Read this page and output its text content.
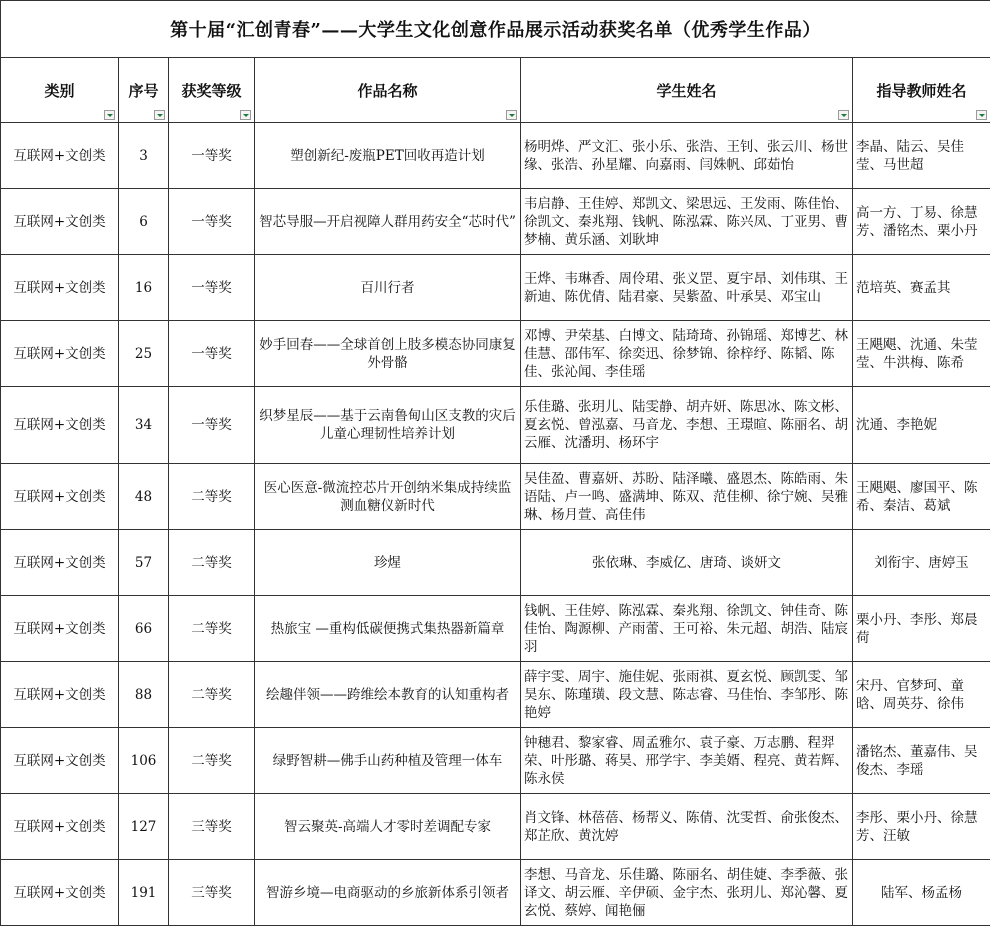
第十届“汇创青春”——大学生文化创意作品展示活动获奖名单（优秀学生作品）					
类别	序号	获奖等级	作品名称	学生姓名	指导教师姓名

互联网+文创类	3	一等奖	塑创新纪-废瓶PET回收再造计划	杨明烨、严文汇、张小乐、张浩、王钊、张云川、杨世缘、张浩、孙星耀、向嘉雨、闫姝帆、邱茹怡	李晶、陆云、吴佳莹、马世超
互联网+文创类	6	一等奖	智芯导服—开启视障人群用药安全“芯时代”	韦启静、王佳婷、郑凯文、梁思远、王发雨、陈佳怡、徐凯文、秦兆翔、钱帆、陈泓霖、陈兴凤、丁亚男、曹梦楠、黄乐涵、刘耿坤	高一方、丁易、徐慧芳、潘铭杰、栗小丹
互联网+文创类	16	一等奖	百川行者	王烨、韦琳香、周伶珺、张义罡、夏宇昂、刘伟琪、王新迪、陈优倩、陆君豪、吴紫盈、叶承昊、邓宝山	范培英、赛孟其
互联网+文创类	25	一等奖	妙手回春——全球首创上肢多模态协同康复外骨骼	邓博、尹荣基、白博文、陆琦琦、孙锦瑶、郑博艺、林佳慧、邵伟军、徐奕迅、徐梦锦、徐梓纾、陈韬、陈佳、张沁闻、李佳瑶	王飓飓、沈通、朱莹莹、牛洪梅、陈希
互联网+文创类	34	一等奖	织梦星辰——基于云南鲁甸山区支教的灾后儿童心理韧性培养计划	乐佳璐、张玥儿、陆雯静、胡卉妍、陈思冰、陈文彬、夏玄悦、曾泓嘉、马音龙、李想、王璟暄、陈丽名、胡云雁、沈潘玥、杨环宇	沈通、李艳妮
互联网+文创类	48	二等奖	医心医意-微流控芯片开创纳米集成持续监测血糖仪新时代	吴佳盈、曹嘉妍、苏盼、陆泽曦、盛恩杰、陈皓雨、朱语陆、卢一鸣、盛满坤、陈双、范佳柳、徐宁婉、吴雅琳、杨月萱、高佳伟	王飓飓、廖国平、陈希、秦洁、葛斌
互联网+文创类	57	二等奖	珍煋	张依琳、李威亿、唐琦、谈妍文	刘衔宇、唐婷玉
互联网+文创类	66	二等奖	热旅宝 —重构低碳便携式集热器新篇章	钱帆、王佳婷、陈泓霖、秦兆翔、徐凯文、钟佳奇、陈佳怡、陶源柳、产雨蕾、王可裕、朱元超、胡浩、陆宸羽	栗小丹、李彤、郑晨荷
互联网+文创类	88	二等奖	绘趣伴领——跨维绘本教育的认知重构者	薛宇雯、周宇、施佳妮、张雨祺、夏玄悦、顾凯雯、邹昊东、陈瑾璜、段文慧、陈志睿、马佳怡、李邹彤、陈艳婷	宋丹、官梦珂、童晗、周英芬、徐伟
互联网+文创类	106	二等奖	绿野智耕—佛手山药种植及管理一体车	钟穗君、黎家睿、周孟雅尔、袁子豪、万志鹏、程羿荣、叶彤璐、蒋昊、邢学宇、李美婿、程亮、黄若辉、陈永侯	潘铭杰、董嘉伟、吴俊杰、李瑶
互联网+文创类	127	三等奖	智云聚英-高端人才零时差调配专家	肖文锋、林蓓蓓、杨帮义、陈倩、沈雯哲、俞张俊杰、郑芷欣、黄沈婷	李彤、栗小丹、徐慧芳、汪敏
互联网+文创类	191	三等奖	智游乡境—电商驱动的乡旅新体系引领者	李想、马音龙、乐佳璐、陈丽名、胡佳婕、李季薇、张译文、胡云雁、辛伊硕、金宇杰、张玥儿、郑沁馨、夏玄悦、蔡婷、闻艳俪	陆军、杨孟杨
